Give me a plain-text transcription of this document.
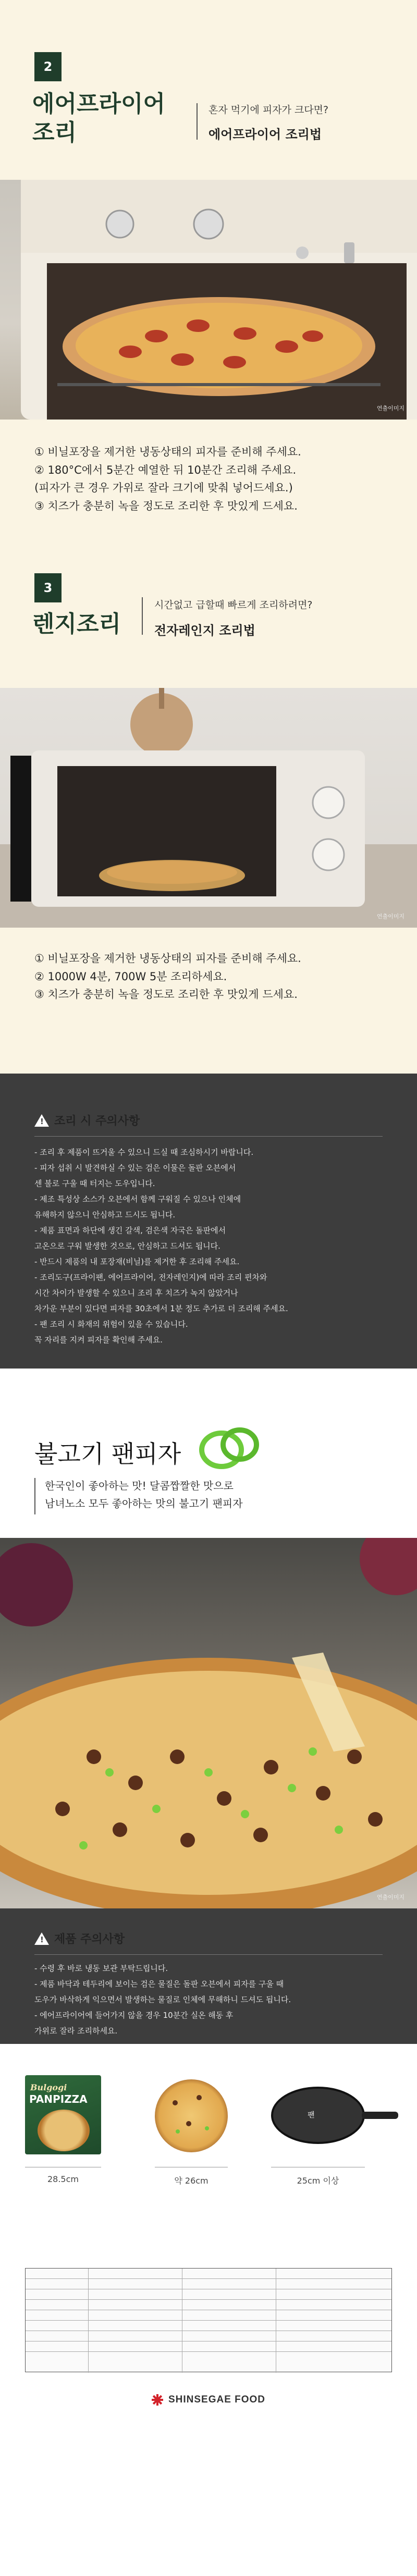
2
에어프라이어
조리
혼자 먹기에 피자가 크다면?
에어프라이어 조리법
연출이미지
① 비닐포장을 제거한 냉동상태의 피자를 준비해 주세요.
② 180°C에서 5분간 예열한 뒤 10분간 조리해 주세요.
(피자가 큰 경우 가위로 잘라 크기에 맞춰 넣어드세요.)
③ 치즈가 충분히 녹을 정도로 조리한 후 맛있게 드세요.
3
렌지조리
시간없고 급할때 빠르게 조리하려면?
전자레인지 조리법
연출이미지
① 비닐포장을 제거한 냉동상태의 피자를 준비해 주세요.
② 1000W 4분, 700W 5분 조리하세요.
③ 치즈가 충분히 녹을 정도로 조리한 후 맛있게 드세요.
! 조리 시 주의사항
- 조리 후 제품이 뜨거울 수 있으니 드실 때 조심하시기 바랍니다.
- 피자 섭취 시 발견하실 수 있는 검은 이물은 돌판 오븐에서
센 불로 구울 때 터지는 도우입니다.
- 제조 특성상 소스가 오븐에서 함께 구워질 수 있으나 인체에
유해하지 않으니 안심하고 드시도 됩니다.
- 제품 표면과 하단에 생긴 갈색, 검은색 자국은 돌판에서
고온으로 구워 발생한 것으로, 안심하고 드셔도 됩니다.
- 반드시 제품의 내 포장재(비닐)를 제거한 후 조리해 주세요.
- 조리도구(프라이팬, 에어프라이어, 전자레인지)에 따라 조리 편차와
시간 차이가 발생할 수 있으니 조리 후 치즈가 녹지 않았거나
차가운 부분이 있다면 피자를 30초에서 1분 정도 추가로 더 조리해 주세요.
- 팬 조리 시 화재의 위험이 있을 수 있습니다.
꼭 자리를 지켜 피자를 확인해 주세요.
불고기 팬피자
한국인이 좋아하는 맛! 달콤짭짤한 맛으로
남녀노소 모두 좋아하는 맛의 불고기 팬피자
연출이미지
! 제품 주의사항
- 수령 후 바로 냉동 보관 부탁드립니다.
- 제품 바닥과 테두리에 보이는 검은 물질은 돌판 오븐에서 피자를 구울 때
도우가 바삭하게 익으면서 발생하는 물질로 인체에 무해하니 드셔도 됩니다.
- 에어프라이어에 들어가지 않을 경우 10분간 실온 해동 후
가위로 잘라 조리하세요.
Bulgogi
PANPIZZA
28.5cm	약 26cm
팬
25cm 이상
SHINSEGAE FOOD
